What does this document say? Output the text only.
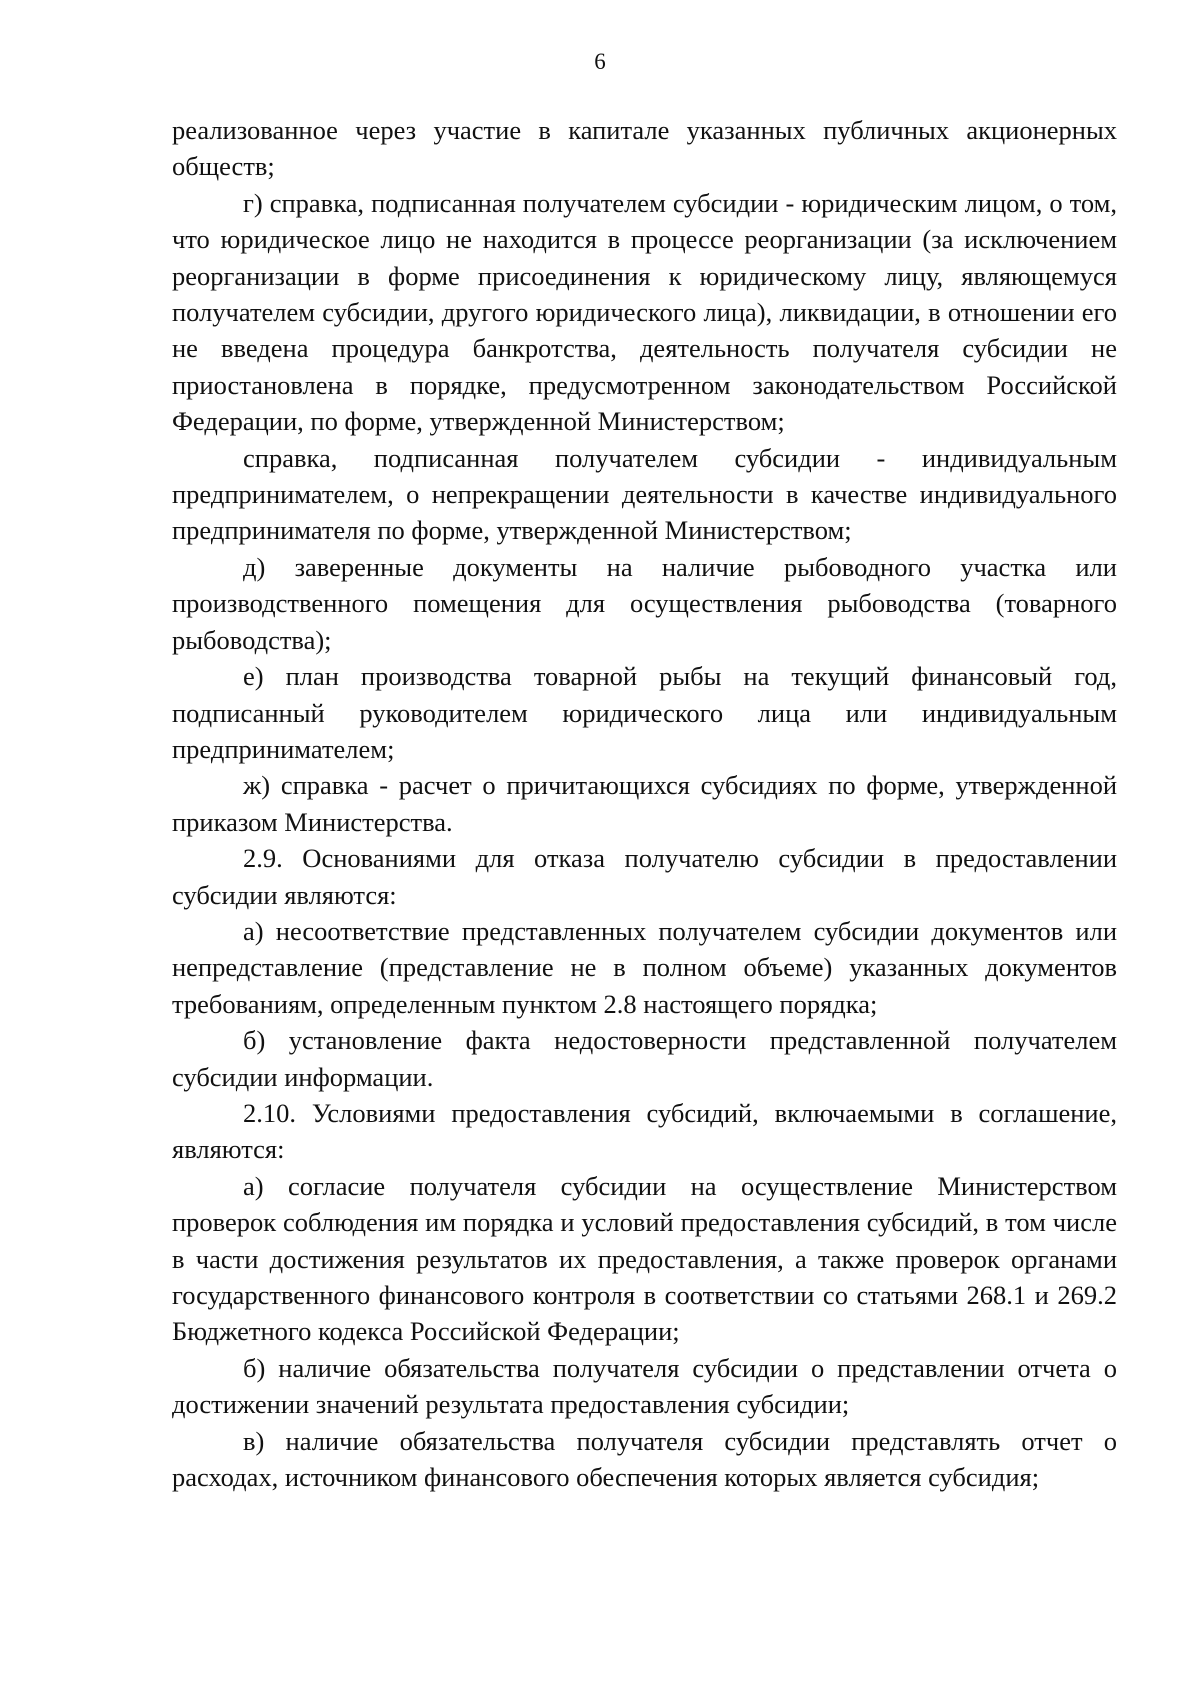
6

реализованное через участие в капитале указанных публичных акционерных обществ;

г) справка, подписанная получателем субсидии - юридическим лицом, о том, что юридическое лицо не находится в процессе реорганизации (за исключением реорганизации в форме присоединения к юридическому лицу, являющемуся получателем субсидии, другого юридического лица), ликвидации, в отношении его не введена процедура банкротства, деятельность получателя субсидии не приостановлена в порядке, предусмотренном законодательством Российской Федерации, по форме, утвержденной Министерством;

справка, подписанная получателем субсидии - индивидуальным предпринимателем, о непрекращении деятельности в качестве индивидуального предпринимателя по форме, утвержденной Министерством;

д) заверенные документы на наличие рыбоводного участка или производственного помещения для осуществления рыбоводства (товарного рыбоводства);

е) план производства товарной рыбы на текущий финансовый год, подписанный руководителем юридического лица или индивидуальным предпринимателем;

ж) справка - расчет о причитающихся субсидиях по форме, утвержденной приказом Министерства.

2.9. Основаниями для отказа получателю субсидии в предоставлении субсидии являются:

а) несоответствие представленных получателем субсидии документов или непредставление (представление не в полном объеме) указанных документов требованиям, определенным пунктом 2.8 настоящего порядка;

б) установление факта недостоверности представленной получателем субсидии информации.

2.10. Условиями предоставления субсидий, включаемыми в соглашение, являются:

а) согласие получателя субсидии на осуществление Министерством проверок соблюдения им порядка и условий предоставления субсидий, в том числе в части достижения результатов их предоставления, а также проверок органами государственного финансового контроля в соответствии со статьями 268.1 и 269.2 Бюджетного кодекса Российской Федерации;

б) наличие обязательства получателя субсидии о представлении отчета о достижении значений результата предоставления субсидии;

в) наличие обязательства получателя субсидии представлять отчет о расходах, источником финансового обеспечения которых является субсидия;
